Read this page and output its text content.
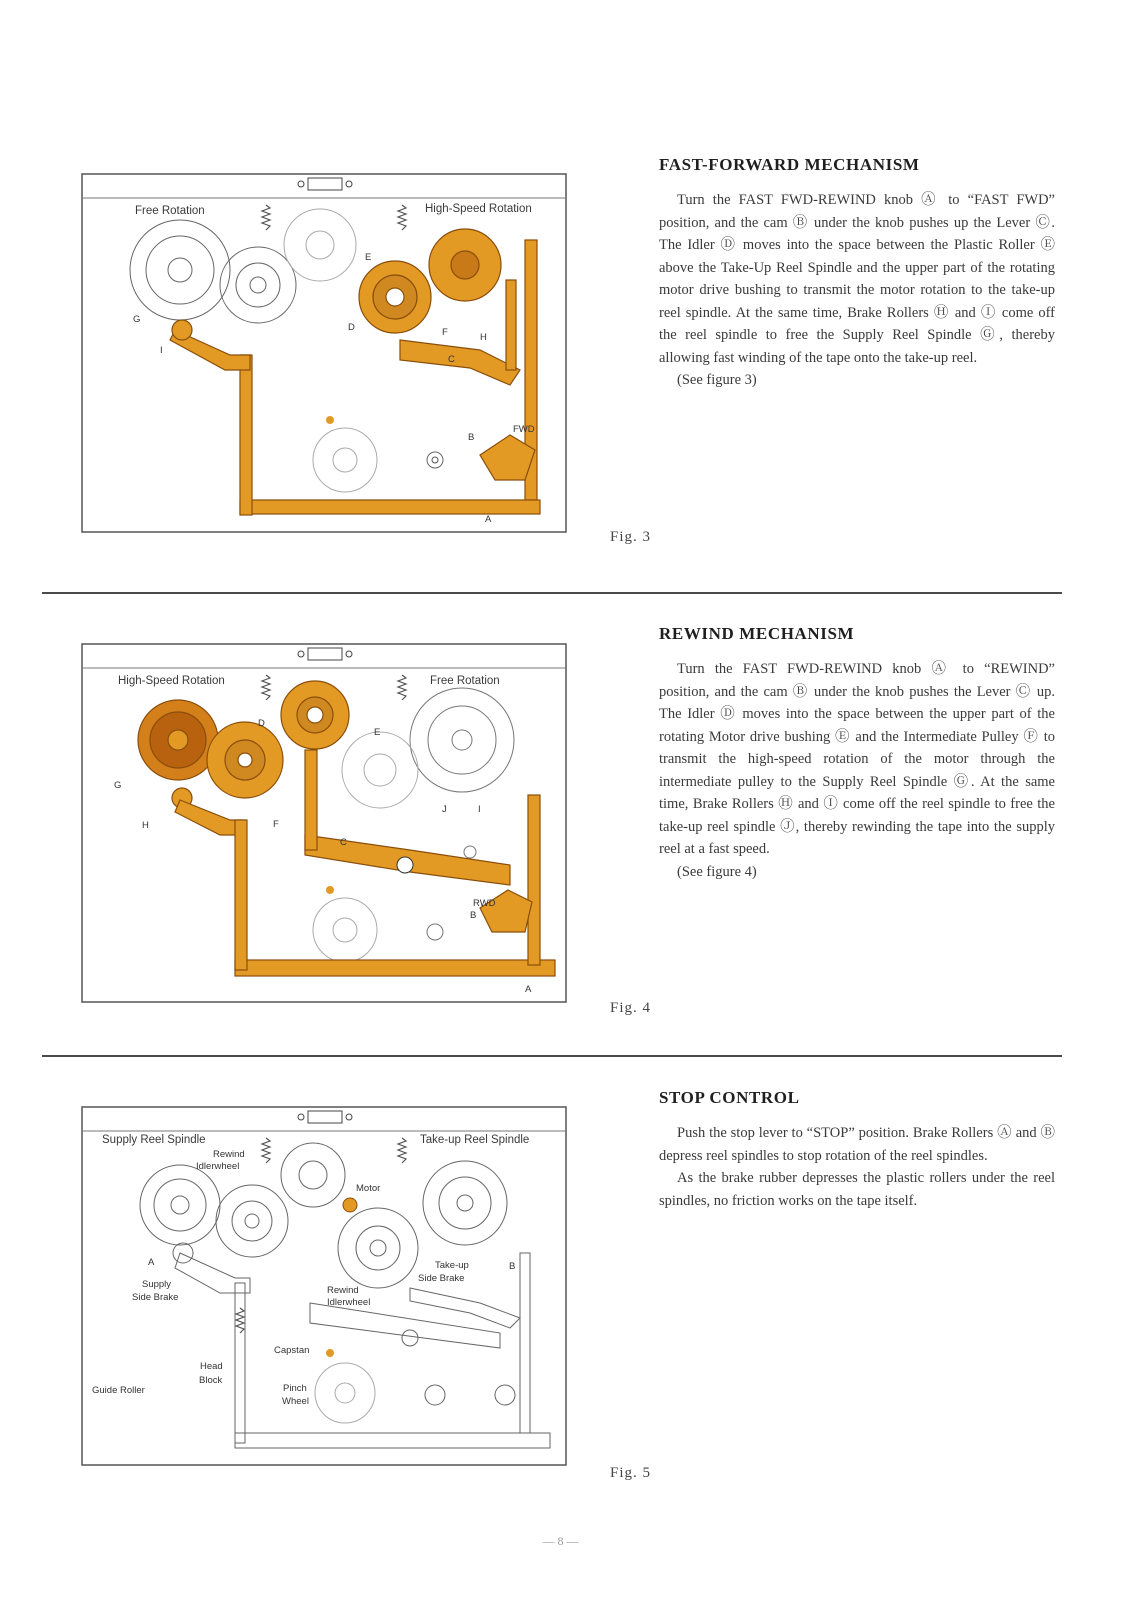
Free Rotation	High-Speed Rotation
G
I
E
D	F	H
C
B
FWD
A
Fig. 3
FAST-FORWARD MECHANISM

Turn the FAST FWD-REWIND knob Ⓐ to “FAST FWD” position, and the cam Ⓑ under the knob pushes up the Lever Ⓒ. The Idler Ⓓ moves into the space between the Plastic Roller Ⓔ above the Take-Up Reel Spindle and the upper part of the rotating motor drive bushing to transmit the motor rotation to the take-up reel spindle. At the same time, Brake Rollers Ⓗ and Ⓘ come off the reel spindle to free the Supply Reel Spindle Ⓖ, thereby allowing fast winding of the tape onto the take-up reel.

(See figure 3)

High-Speed Rotation	Free Rotation
G
H
D
E
F
C
J	I
B
RWD
A
Fig. 4
REWIND MECHANISM

Turn the FAST FWD-REWIND knob Ⓐ to “REWIND” position, and the cam Ⓑ under the knob pushes the Lever Ⓒ up. The Idler Ⓓ moves into the space between the upper part of the rotating Motor drive bushing Ⓔ and the Intermediate Pulley Ⓕ to transmit the high-speed rotation of the motor through the intermediate pulley to the Supply Reel Spindle Ⓖ. At the same time, Brake Rollers Ⓗ and Ⓘ come off the reel spindle to free the take-up reel spindle Ⓙ, thereby rewinding the tape into the supply reel at a fast speed.

(See figure 4)

Supply Reel Spindle	Take-up Reel Spindle
Rewind
Idlerwheel
Motor
A
Supply
Side Brake
Take-up
Side Brake
B
Rewind
Idlerwheel
Capstan
Head
Block
Guide Roller	Pinch
Wheel
Fig. 5
STOP CONTROL

Push the stop lever to “STOP” position. Brake Rollers Ⓐ and Ⓑ depress reel spindles to stop rotation of the reel spindles.

As the brake rubber depresses the plastic rollers under the reel spindles, no friction works on the tape itself.

— 8 —
